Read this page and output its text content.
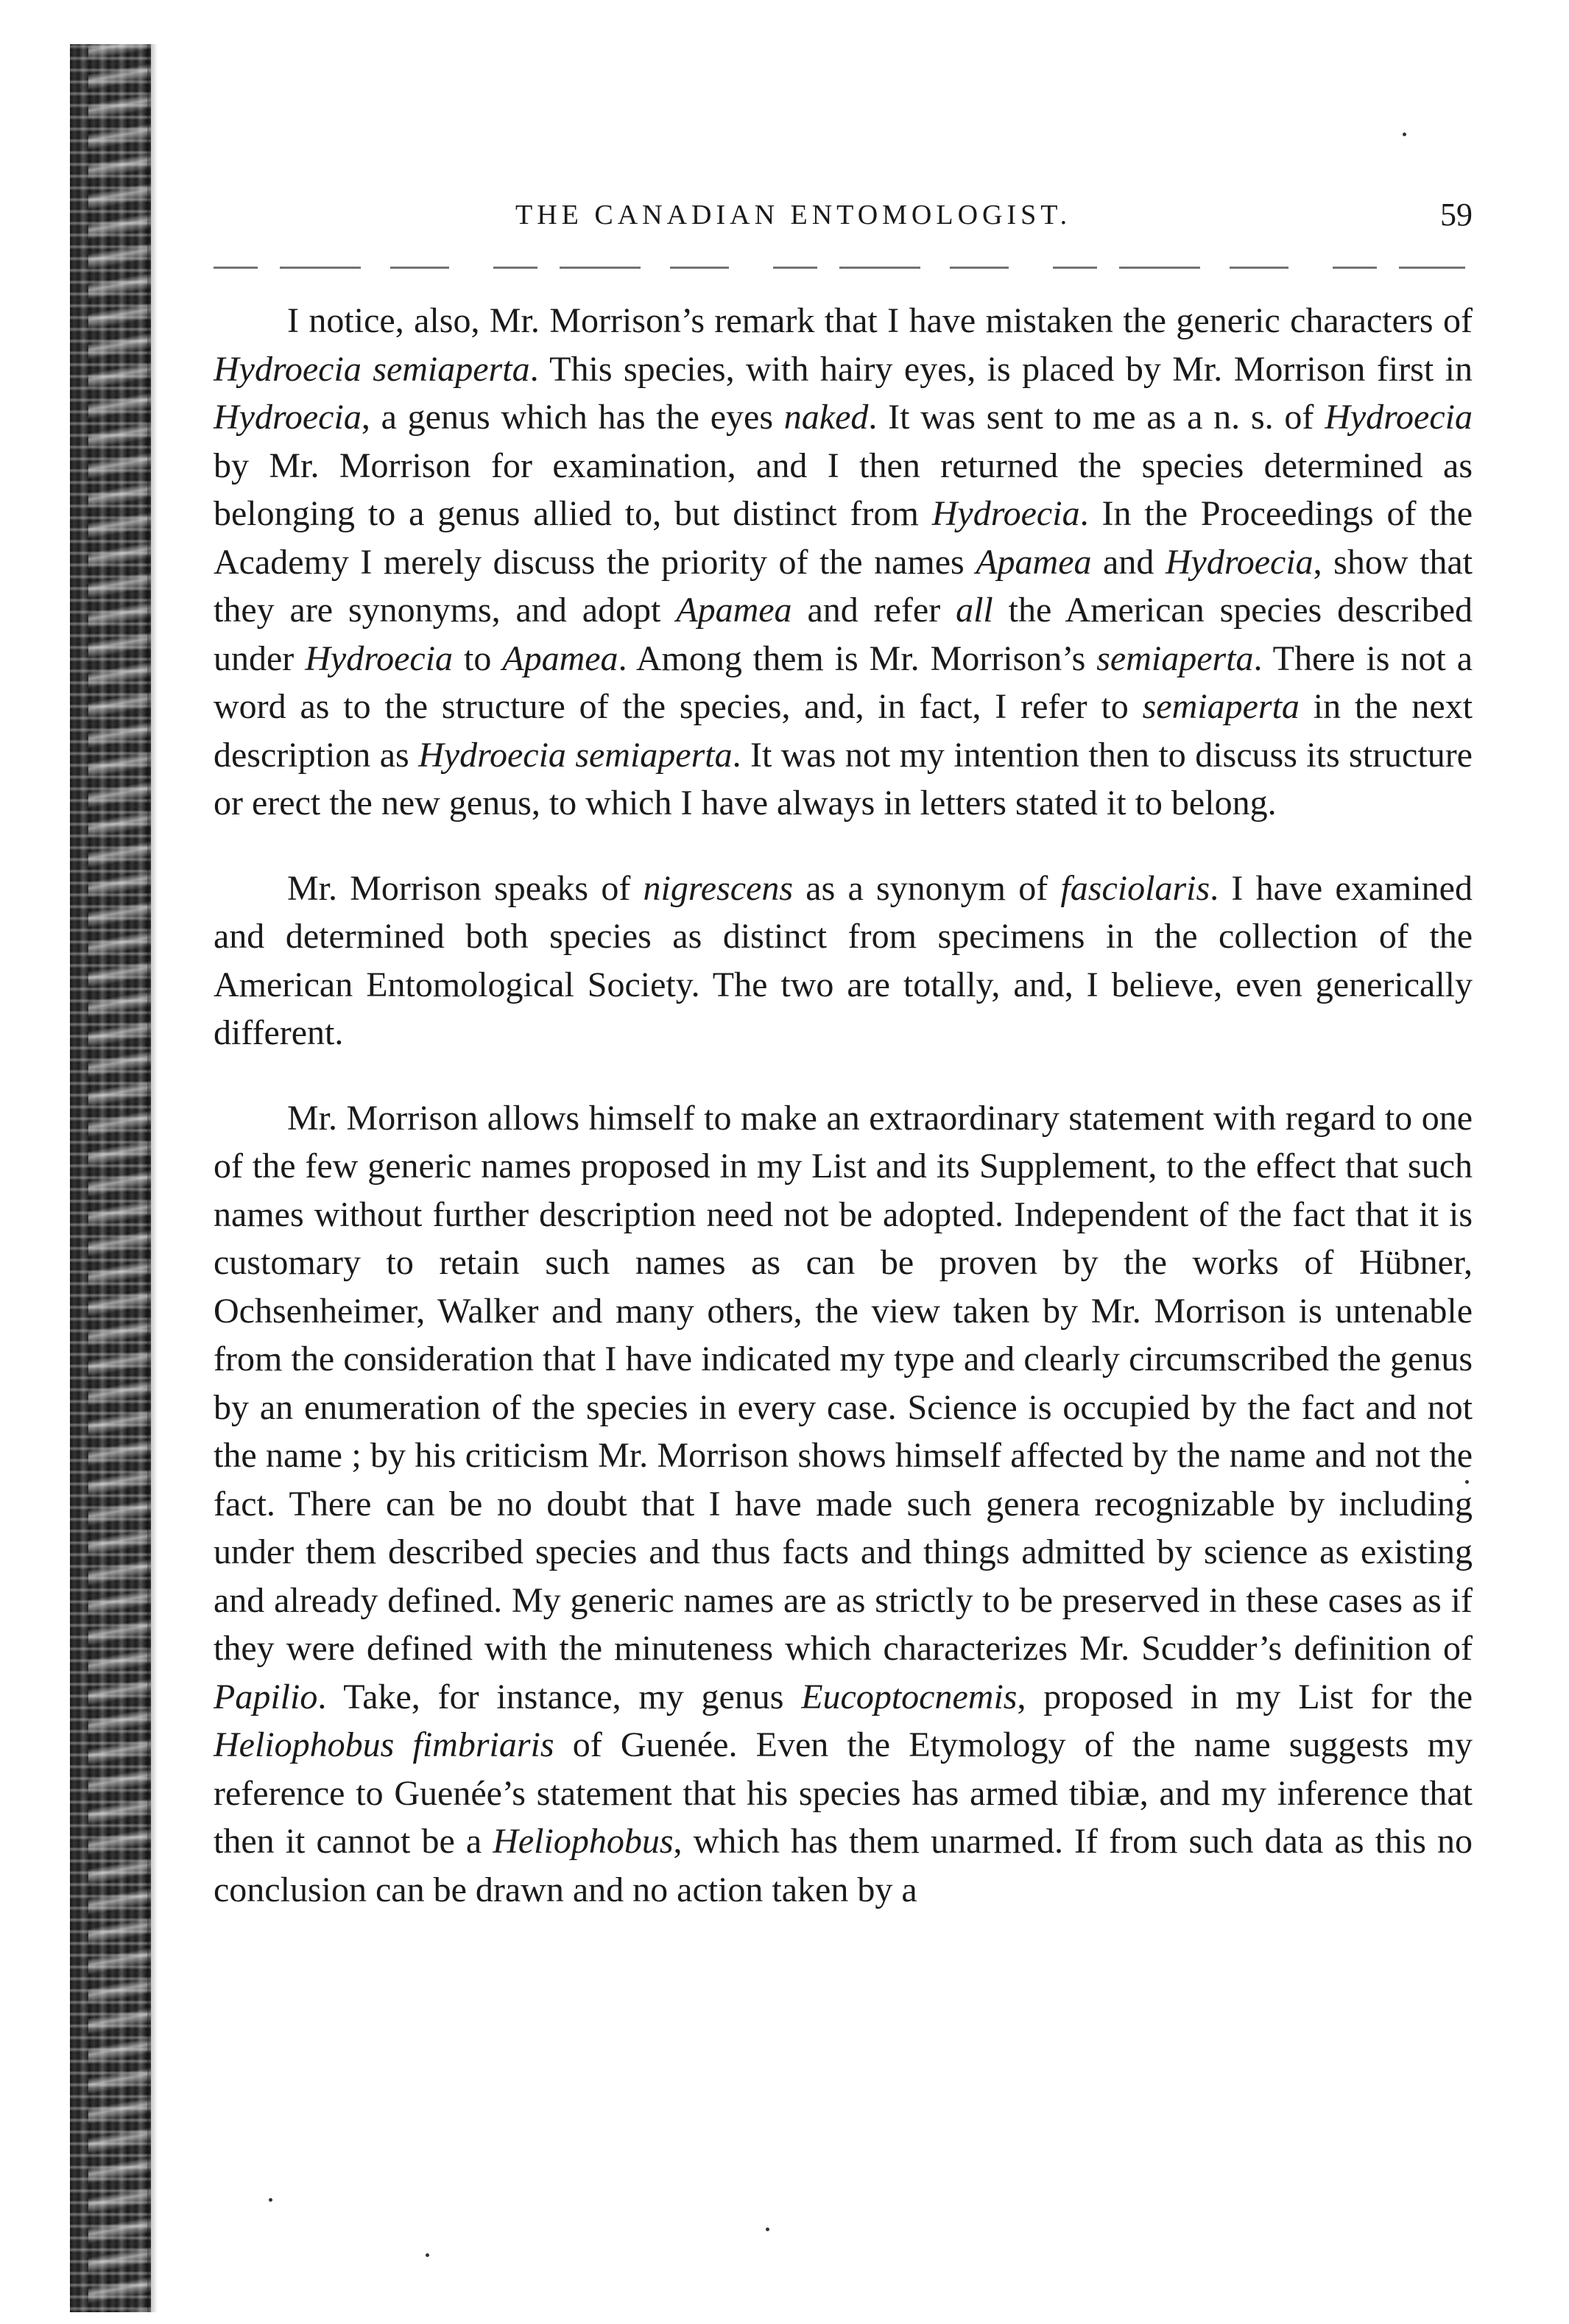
THE CANADIAN ENTOMOLOGIST.	59

I notice, also, Mr. Morrison’s remark that I have mistaken the generic characters of Hydroecia semiaperta. This species, with hairy eyes, is placed by Mr. Morrison first in Hydroecia, a genus which has the eyes naked. It was sent to me as a n. s. of Hydroecia by Mr. Morrison for examination, and I then returned the species determined as belonging to a genus allied to, but distinct from Hydroecia. In the Proceedings of the Academy I merely discuss the priority of the names Apamea and Hydroecia, show that they are synonyms, and adopt Apamea and refer all the American species described under Hydroecia to Apamea. Among them is Mr. Morrison’s semiaperta. There is not a word as to the structure of the species, and, in fact, I refer to semiaperta in the next description as Hydroecia semiaperta. It was not my intention then to discuss its structure or erect the new genus, to which I have always in letters stated it to belong.

Mr. Morrison speaks of nigrescens as a synonym of fasciolaris. I have examined and determined both species as distinct from specimens in the collection of the American Entomological Society. The two are totally, and, I believe, even generically different.

Mr. Morrison allows himself to make an extraordinary statement with regard to one of the few generic names proposed in my List and its Supplement, to the effect that such names without further description need not be adopted. Independent of the fact that it is customary to retain such names as can be proven by the works of Hübner, Ochsenheimer, Walker and many others, the view taken by Mr. Morrison is untenable from the consideration that I have indicated my type and clearly circumscribed the genus by an enumeration of the species in every case. Science is occupied by the fact and not the name ; by his criticism Mr. Morrison shows himself affected by the name and not the fact. There can be no doubt that I have made such genera recognizable by including under them described species and thus facts and things admitted by science as existing and already defined. My generic names are as strictly to be preserved in these cases as if they were defined with the minuteness which characterizes Mr. Scudder’s definition of Papilio. Take, for instance, my genus Eucoptocnemis, proposed in my List for the Heliophobus fimbriaris of Guenée. Even the Etymology of the name suggests my reference to Guenée’s statement that his species has armed tibiæ, and my inference that then it cannot be a Heliophobus, which has them unarmed. If from such data as this no conclusion can be drawn and no action taken by a
